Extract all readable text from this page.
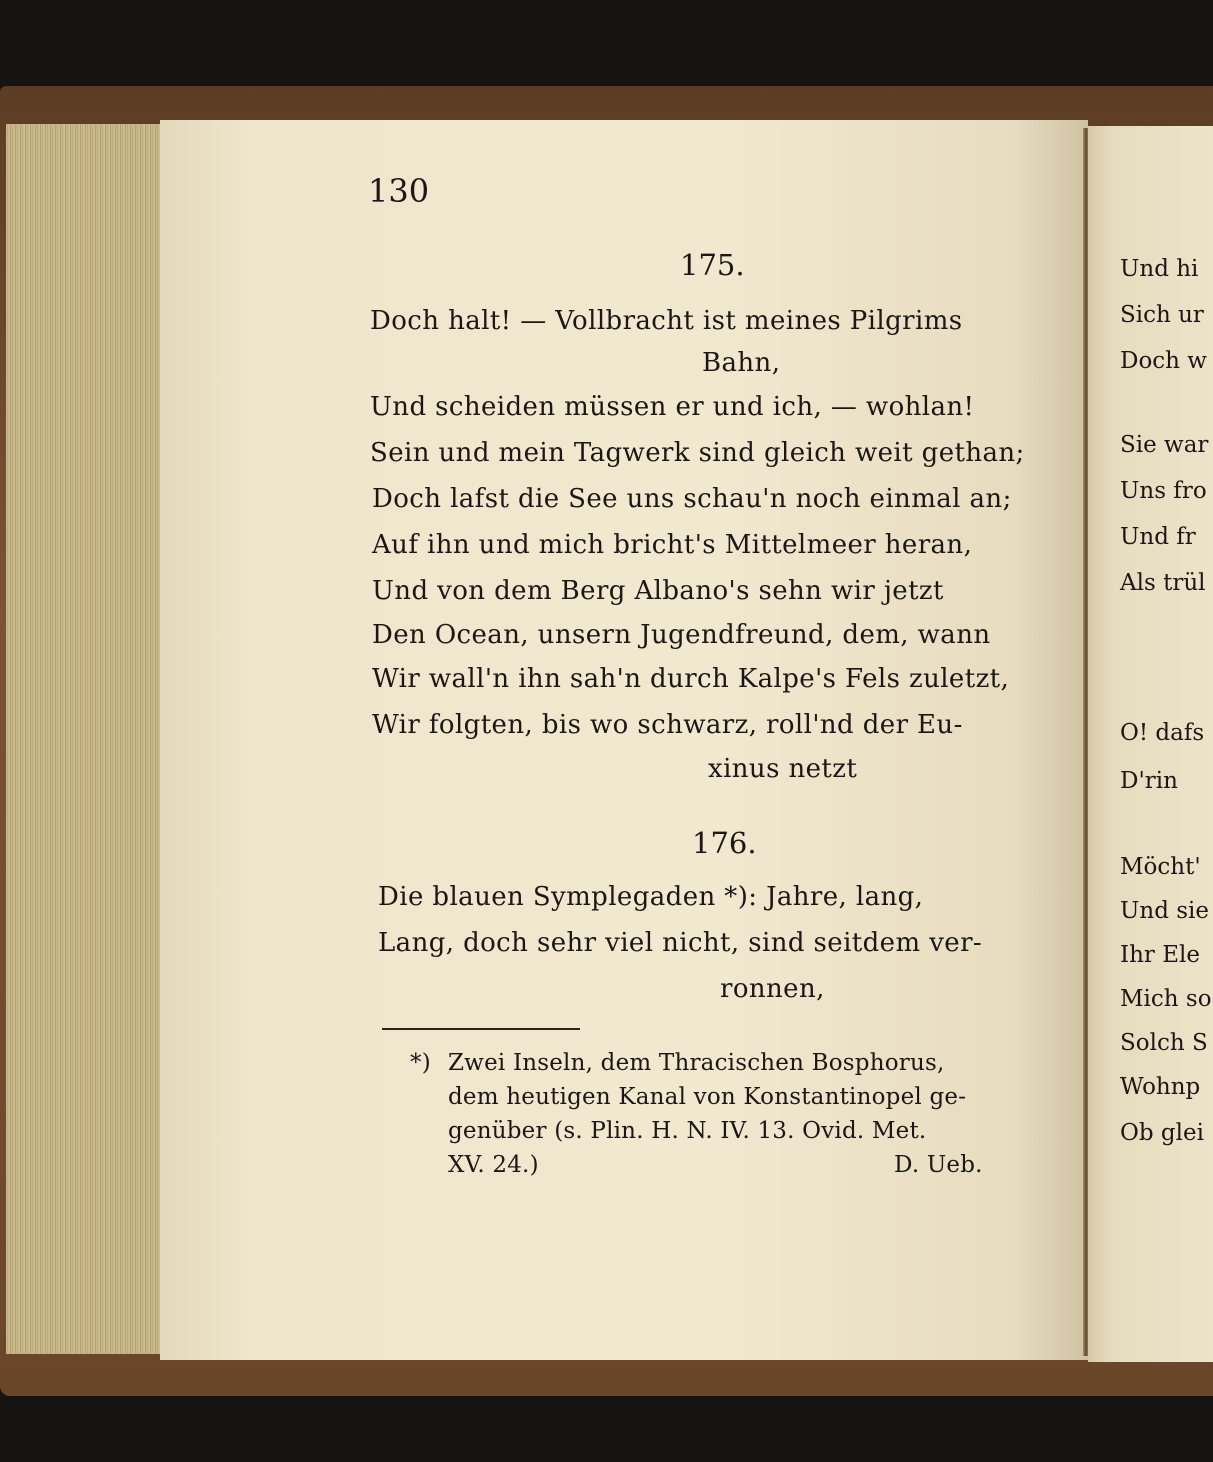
Und hi
Sich ur
Doch w
Sie war
Uns fro
Und fr
Als trül
O! dafs
D'rin
Möcht'
Und sie
Ihr Ele
Mich so
Solch S
Wohnp
Ob glei
130
175.
Doch halt! — Vollbracht ist meines Pilgrims
Bahn,
Und scheiden müssen er und ich, — wohlan!
Sein und mein Tagwerk sind gleich weit gethan;
Doch lafst die See uns schau'n noch einmal an;
Auf ihn und mich bricht's Mittelmeer heran,
Und von dem Berg Albano's sehn wir jetzt
Den Ocean, unsern Jugendfreund, dem, wann
Wir wall'n ihn sah'n durch Kalpe's Fels zuletzt,
Wir folgten, bis wo schwarz, roll'nd der Eu-
xinus netzt
176.
Die blauen Symplegaden *): Jahre, lang,
Lang, doch sehr viel nicht, sind seitdem ver-
ronnen,
*) Zwei Inseln, dem Thracischen Bosphorus,
dem heutigen Kanal von Konstantinopel ge-
genüber (s. Plin. H. N. IV. 13. Ovid. Met.
XV. 24.)	D. Ueb.
